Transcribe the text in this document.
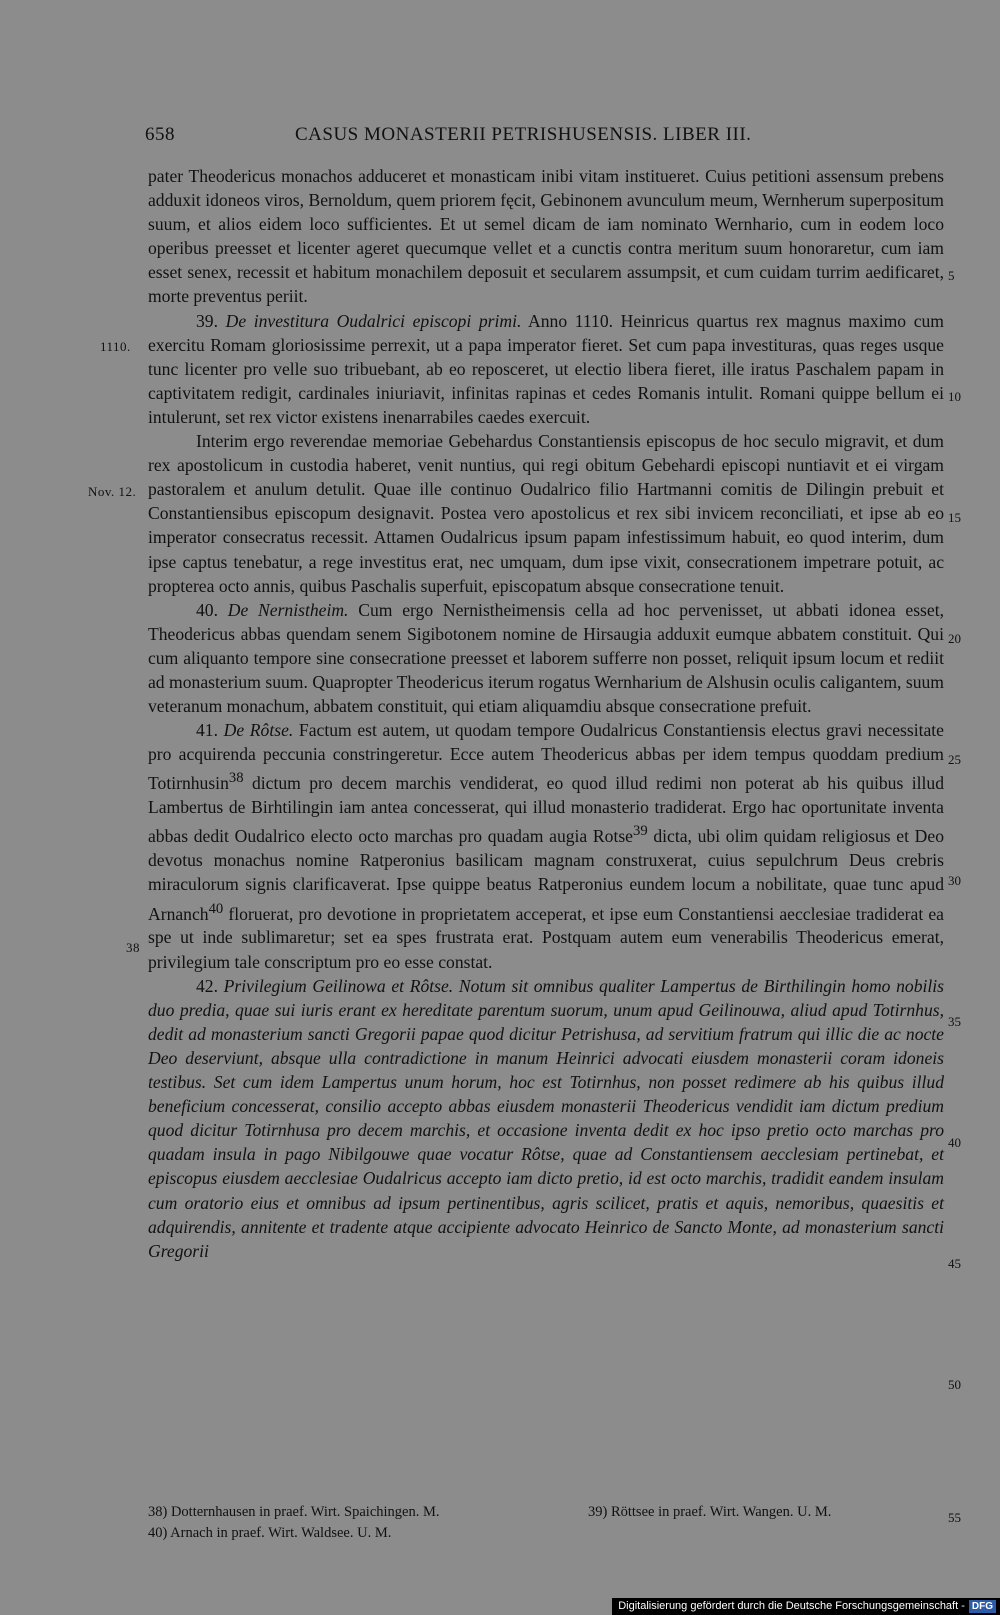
658	CASUS MONASTERII PETRISHUSENSIS. LIBER III.
1110.
Nov. 12.
38
5
10
15
20
25
30
35
40
45
50
55

pater Theodericus monachos adduceret et monasticam inibi vitam institueret. Cuius petitioni assensum prebens adduxit idoneos viros, Bernoldum, quem priorem fęcit, Gebinonem avunculum meum, Wernherum superpositum suum, et alios eidem loco sufficientes. Et ut semel dicam de iam nominato Wernhario, cum in eodem loco operibus preesset et licenter ageret quecumque vellet et a cunctis contra meritum suum honoraretur, cum iam esset senex, recessit et habitum monachilem deposuit et secularem assumpsit, et cum cuidam turrim aedificaret, morte preventus periit.

39. De investitura Oudalrici episcopi primi. Anno 1110. Heinricus quartus rex magnus maximo cum exercitu Romam gloriosissime perrexit, ut a papa imperator fieret. Set cum papa investituras, quas reges usque tunc licenter pro velle suo tribuebant, ab eo reposceret, ut electio libera fieret, ille iratus Paschalem papam in captivitatem redigit, cardinales iniuriavit, infinitas rapinas et cedes Romanis intulit. Romani quippe bellum ei intulerunt, set rex victor existens inenarrabiles caedes exercuit.

Interim ergo reverendae memoriae Gebehardus Constantiensis episcopus de hoc seculo migravit, et dum rex apostolicum in custodia haberet, venit nuntius, qui regi obitum Gebehardi episcopi nuntiavit et ei virgam pastoralem et anulum detulit. Quae ille continuo Oudalrico filio Hartmanni comitis de Dilingin prebuit et Constantiensibus episcopum designavit. Postea vero apostolicus et rex sibi invicem reconciliati, et ipse ab eo imperator consecratus recessit. Attamen Oudalricus ipsum papam infestissimum habuit, eo quod interim, dum ipse captus tenebatur, a rege investitus erat, nec umquam, dum ipse vixit, consecrationem impetrare potuit, ac propterea octo annis, quibus Paschalis superfuit, episcopatum absque consecratione tenuit.

40. De Nernistheim. Cum ergo Nernistheimensis cella ad hoc pervenisset, ut abbati idonea esset, Theodericus abbas quendam senem Sigibotonem nomine de Hirsaugia adduxit eumque abbatem constituit. Qui cum aliquanto tempore sine consecratione preesset et laborem sufferre non posset, reliquit ipsum locum et rediit ad monasterium suum. Quapropter Theodericus iterum rogatus Wernharium de Alshusin oculis caligantem, suum veteranum monachum, abbatem constituit, qui etiam aliquamdiu absque consecratione prefuit.

41. De Rôtse. Factum est autem, ut quodam tempore Oudalricus Constantiensis electus gravi necessitate pro acquirenda peccunia constringeretur. Ecce autem Theodericus abbas per idem tempus quoddam predium Totirnhusin$^{38}$ dictum pro decem marchis vendiderat, eo quod illud redimi non poterat ab his quibus illud Lambertus de Birhtilingin iam antea concesserat, qui illud monasterio tradiderat. Ergo hac oportunitate inventa abbas dedit Oudalrico electo octo marchas pro quadam augia Rotse$^{39}$ dicta, ubi olim quidam religiosus et Deo devotus monachus nomine Ratperonius basilicam magnam construxerat, cuius sepulchrum Deus crebris miraculorum signis clarificaverat. Ipse quippe beatus Ratperonius eundem locum a nobilitate, quae tunc apud Arnanch$^{40}$ floruerat, pro devotione in proprietatem acceperat, et ipse eum Constantiensi aecclesiae tradiderat ea spe ut inde sublimaretur; set ea spes frustrata erat. Postquam autem eum venerabilis Theodericus emerat, privilegium tale conscriptum pro eo esse constat.

42. Privilegium Geilinowa et Rôtse. Notum sit omnibus qualiter Lampertus de Birthilingin homo nobilis duo predia, quae sui iuris erant ex hereditate parentum suorum, unum apud Geilinouwa, aliud apud Totirnhus, dedit ad monasterium sancti Gregorii papae quod dicitur Petrishusa, ad servitium fratrum qui illic die ac nocte Deo deserviunt, absque ulla contradictione in manum Heinrici advocati eiusdem monasterii coram idoneis testibus. Set cum idem Lampertus unum horum, hoc est Totirnhus, non posset redimere ab his quibus illud beneficium concesserat, consilio accepto abbas eiusdem monasterii Theodericus vendidit iam dictum predium quod dicitur Totirnhusa pro decem marchis, et occasione inventa dedit ex hoc ipso pretio octo marchas pro quadam insula in pago Nibilgouwe quae vocatur Rôtse, quae ad Constantiensem aecclesiam pertinebat, et episcopus eiusdem aecclesiae Oudalricus accepto iam dicto pretio, id est octo marchis, tradidit eandem insulam cum oratorio eius et omnibus ad ipsum pertinentibus, agris scilicet, pratis et aquis, nemoribus, quaesitis et adquirendis, annitente et tradente atque accipiente advocato Heinrico de Sancto Monte, ad monasterium sancti Gregorii

38) Dotternhausen in praef. Wirt. Spaichingen. M.	39) Röttsee in praef. Wirt. Wangen. U. M.
40) Arnach in praef. Wirt. Waldsee. U. M.
Digitalisierung gefördert durch die Deutsche Forschungsgemeinschaft - DFG
